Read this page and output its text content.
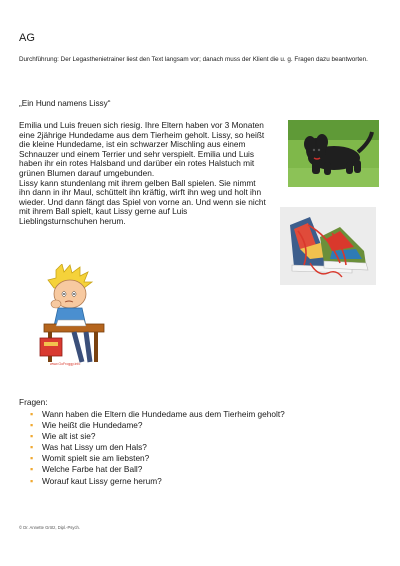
AG
Durchführung: Der Legasthenietrainer liest den Text langsam vor; danach muss der Klient die u. g. Fragen dazu beantworten.
„Ein Hund namens Lissy“

Emilia und Luis freuen sich riesig. Ihre Eltern haben vor 3 Monaten eine 2jährige Hundedame aus dem Tierheim geholt. Lissy, so heißt die kleine Hundedame, ist ein schwarzer Mischling aus einem Schnauzer und einem Terrier und sehr verspielt. Emilia und Luis haben ihr ein rotes Halsband und darüber ein rotes Halstuch mit grünen Blumen darauf umgebunden.

Lissy kann stundenlang mit ihrem gelben Ball spielen. Sie nimmt ihn dann in ihr Maul, schüttelt ihn kräftig, wirft ihn weg und holt ihn wieder. Und dann fängt das Spiel von vorne an. Und wenn sie nicht mit ihrem Ball spielt, kaut Lissy gerne auf Luis Lieblingsturnschuhen herum.

www.GoFroggy.info
Fragen:
▪ Wann haben die Eltern die Hundedame aus dem Tierheim geholt?
▪ Wie heißt die Hundedame?
▪ Wie alt ist sie?
▪ Was hat Lissy um den Hals?
▪ Womit spielt sie am liebsten?
▪ Welche Farbe hat der Ball?
▪ Worauf kaut Lissy gerne herum?
© Dr. Annette Grötz, Dipl.-Psych.
